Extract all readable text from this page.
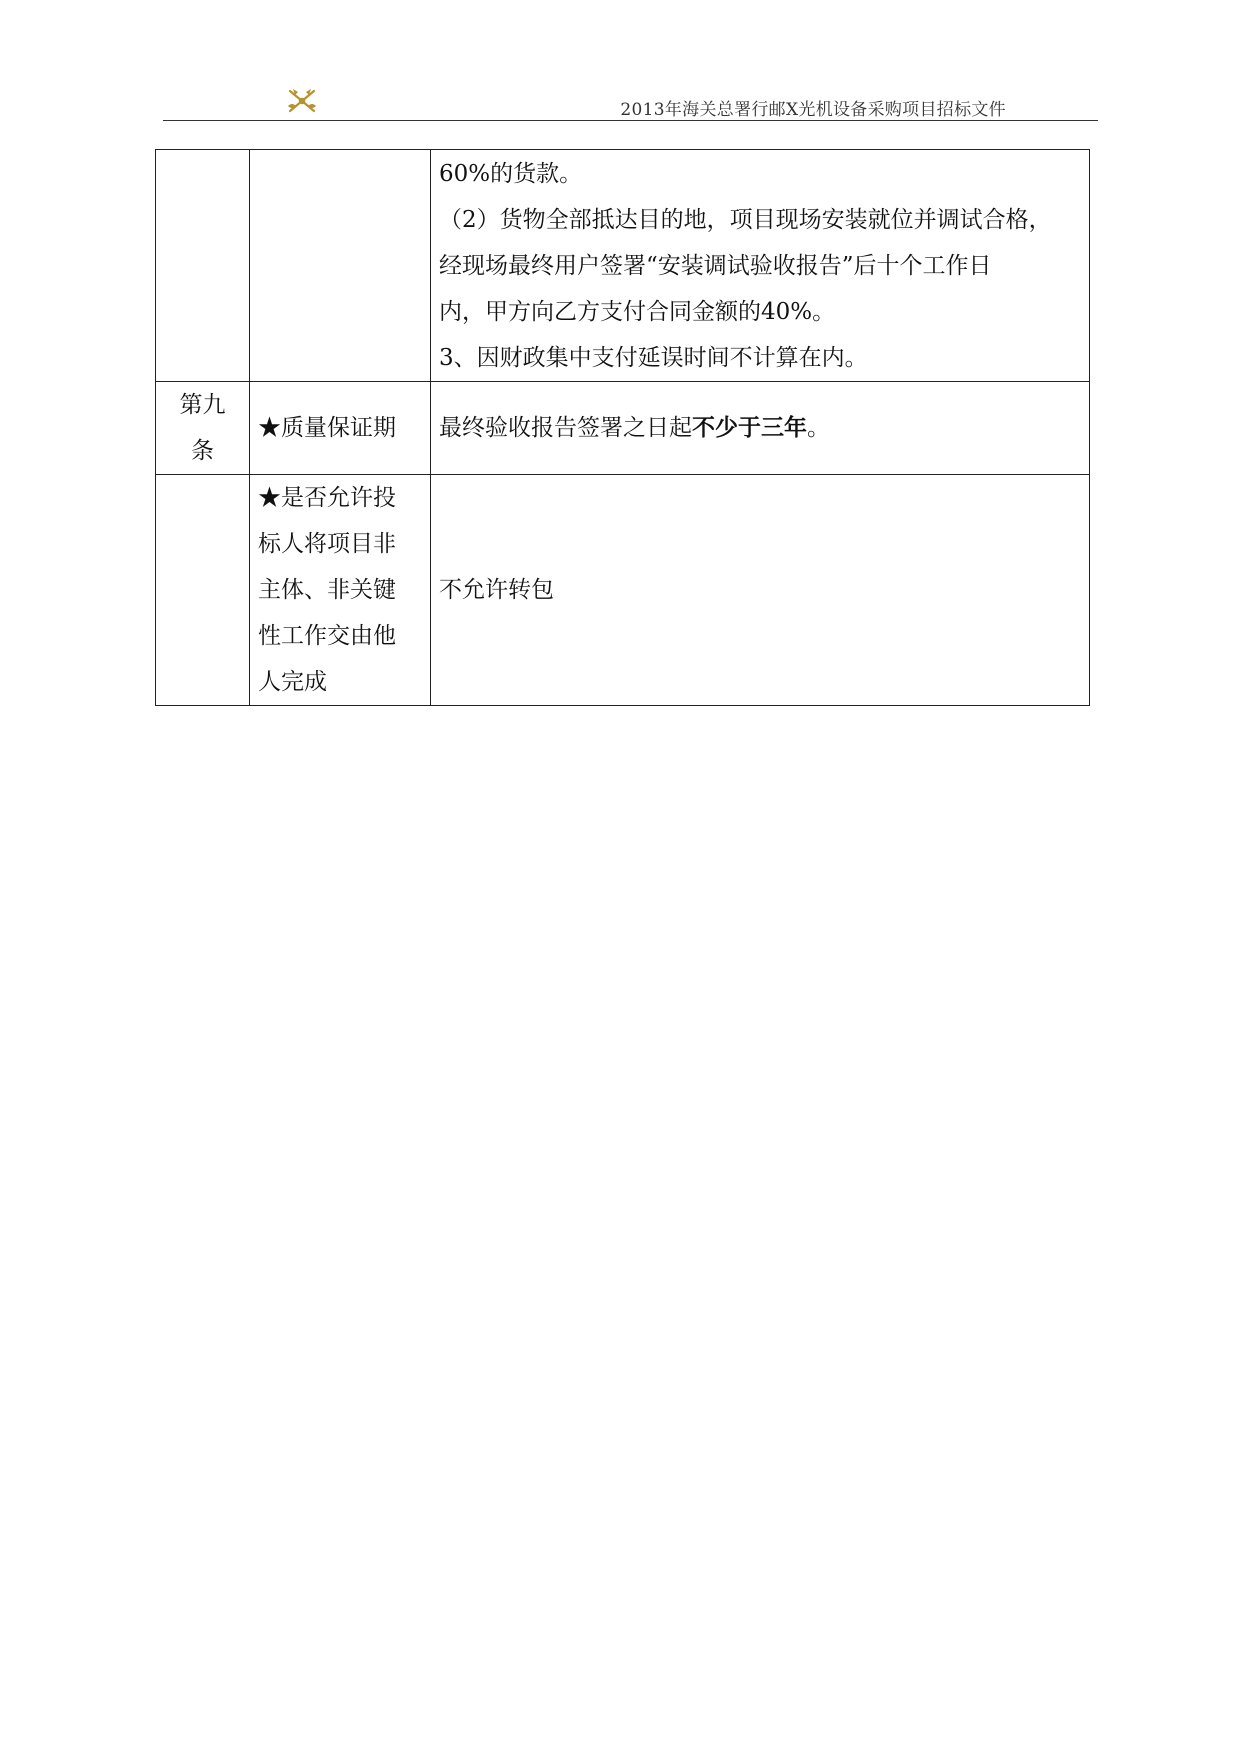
2013年海关总署行邮X光机设备采购项目招标文件

		60%的货款。
（2）货物全部抵达目的地，项目现场安装就位并调试合格，
经现场最终用户签署“安装调试验收报告”后十个工作日
内，甲方向乙方支付合同金额的40%。
3、因财政集中支付延误时间不计算在内。

第九
条	★质量保证期	最终验收报告签署之日起不少于三年。

	★是否允许投
标人将项目非
主体、非关键
性工作交由他
人完成	不允许转包
